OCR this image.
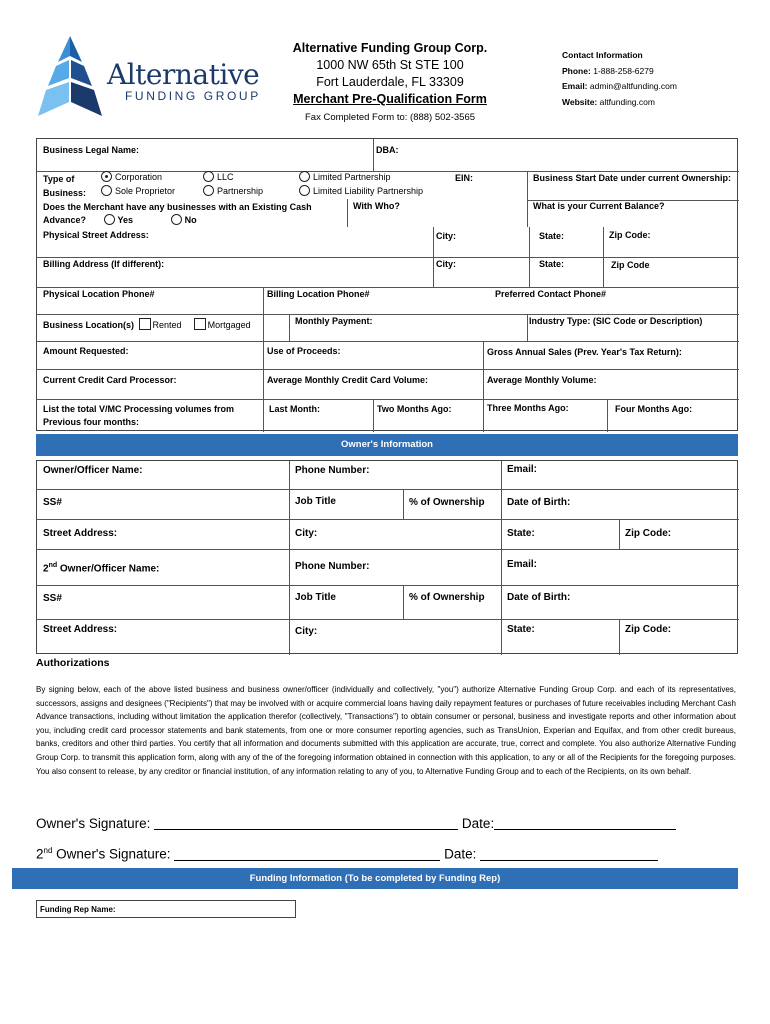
Alternative
FUNDING GROUP
Alternative Funding Group Corp.
1000 NW 65th St STE 100
Fort Lauderdale, FL 33309
Merchant Pre-Qualification Form
Fax Completed Form to: (888) 502-3565
Contact Information
Phone: 1-888-258-6279
Email: admin@altfunding.com
Website: altfunding.com
Business Legal Name:	DBA:
Type of
Business:
Corporation
Sole Proprietor
LLC
Partnership
Limited Partnership
Limited Liability Partnership
EIN:	Business Start Date under current Ownership:
Does the Merchant have any businesses with an Existing Cash
Advance?	Yes	No
With Who?	What is your Current Balance?
Physical Street Address:	City:	State:	Zip Code:
Billing Address (If different):	City:	State:	Zip Code
Physical Location Phone#	Billing Location Phone#	Preferred Contact Phone#
Business Location(s) Rented	Mortgaged	Monthly Payment:	Industry Type: (SIC Code or Description)
Amount Requested:	Use of Proceeds:	Gross Annual Sales (Prev. Year's Tax Return):
Current Credit Card Processor:	Average Monthly Credit Card Volume:	Average Monthly Volume:
List the total V/MC Processing volumes from Previous four months:
Last Month:	Two Months Ago:	Three Months Ago:	Four Months Ago:
Owner's Information
Owner/Officer Name:	Phone Number:	Email:
SS#	Job Title	% of Ownership Date of Birth:
Street Address:	City:	State:	Zip Code:
2nd Owner/Officer Name:	Phone Number:	Email:
SS#	Job Title	% of Ownership Date of Birth:
Street Address:	City:	State:	Zip Code:
Authorizations
By signing below, each of the above listed business and business owner/officer (individually and collectively, "you") authorize Alternative Funding Group Corp. and each of its representatives, successors, assigns and designees ("Recipients") that may be involved with or acquire commercial loans having daily repayment features or purchases of future receivables including Merchant Cash Advance transactions, including without limitation the application therefor (collectively, "Transactions") to obtain consumer or personal, business and investigate reports and other information about you, including credit card processor statements and bank statements, from one or more consumer reporting agencies, such as TransUnion, Experian and Equifax, and from other credit bureaus, banks, creditors and other third parties. You certify that all information and documents submitted with this application are accurate, true, correct and complete. You also authorize Alternative Funding Group Corp. to transmit this application form, along with any of the of the foregoing information obtained in connection with this application, to any or all of the Recipients for the foregoing purposes. You also consent to release, by any creditor or financial institution, of any information relating to any of you, to Alternative Funding Group and to each of the Recipients, on its own behalf.
Owner's Signature:	Date:
2nd Owner's Signature:	Date:
Funding Information (To be completed by Funding Rep)
Funding Rep Name:
